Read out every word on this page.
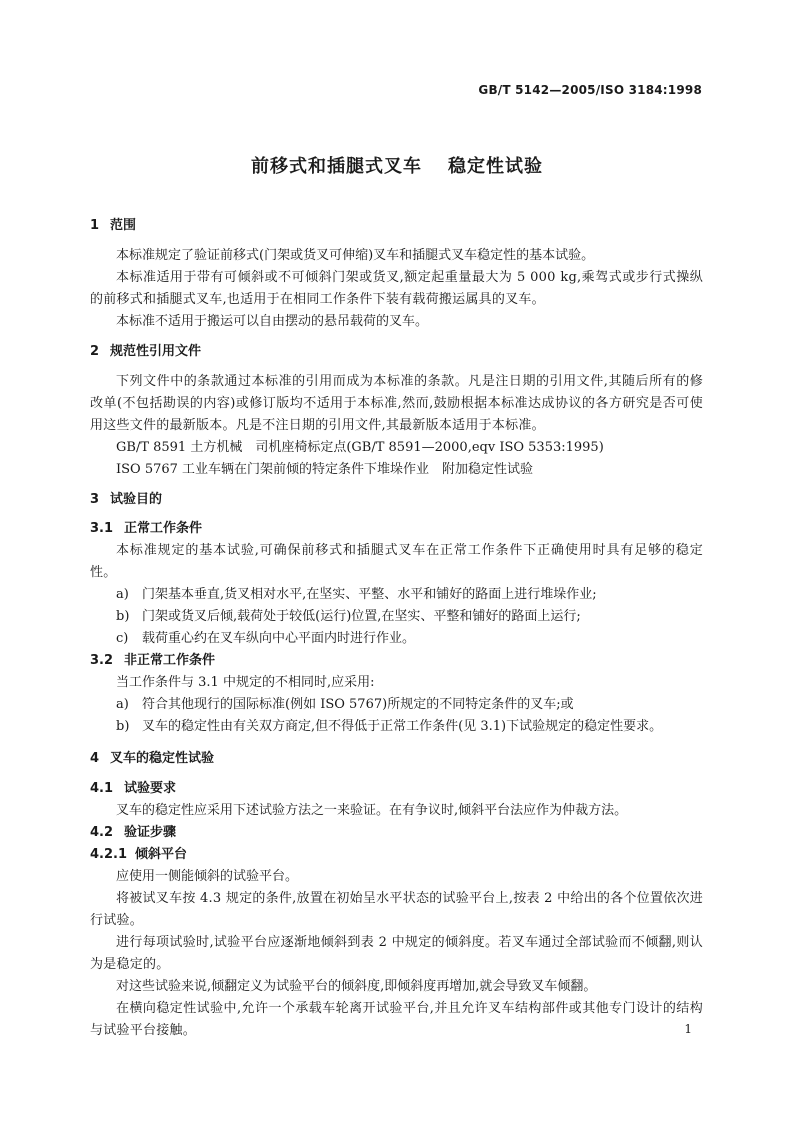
GB/T 5142—2005/ISO 3184:1998
前移式和插腿式叉车 稳定性试验
1 范围
本标准规定了验证前移式(门架或货叉可伸缩)叉车和插腿式叉车稳定性的基本试验。
本标准适用于带有可倾斜或不可倾斜门架或货叉,额定起重量最大为 5 000 kg,乘驾式或步行式操纵的前移式和插腿式叉车,也适用于在相同工作条件下装有载荷搬运属具的叉车。
本标准不适用于搬运可以自由摆动的悬吊载荷的叉车。
2 规范性引用文件
下列文件中的条款通过本标准的引用而成为本标准的条款。凡是注日期的引用文件,其随后所有的修改单(不包括勘误的内容)或修订版均不适用于本标准,然而,鼓励根据本标准达成协议的各方研究是否可使用这些文件的最新版本。凡是不注日期的引用文件,其最新版本适用于本标准。
GB/T 8591 土方机械　司机座椅标定点(GB/T 8591—2000,eqv ISO 5353:1995)
ISO 5767 工业车辆在门架前倾的特定条件下堆垛作业　附加稳定性试验
3 试验目的
3.1 正常工作条件
本标准规定的基本试验,可确保前移式和插腿式叉车在正常工作条件下正确使用时具有足够的稳定性。
a) 门架基本垂直,货叉相对水平,在坚实、平整、水平和铺好的路面上进行堆垛作业;
b) 门架或货叉后倾,载荷处于较低(运行)位置,在坚实、平整和铺好的路面上运行;
c) 载荷重心约在叉车纵向中心平面内时进行作业。
3.2 非正常工作条件
当工作条件与 3.1 中规定的不相同时,应采用:
a) 符合其他现行的国际标准(例如 ISO 5767)所规定的不同特定条件的叉车;或
b) 叉车的稳定性由有关双方商定,但不得低于正常工作条件(见 3.1)下试验规定的稳定性要求。
4 叉车的稳定性试验
4.1 试验要求
叉车的稳定性应采用下述试验方法之一来验证。在有争议时,倾斜平台法应作为仲裁方法。
4.2 验证步骤
4.2.1 倾斜平台
应使用一侧能倾斜的试验平台。
将被试叉车按 4.3 规定的条件,放置在初始呈水平状态的试验平台上,按表 2 中给出的各个位置依次进行试验。
进行每项试验时,试验平台应逐渐地倾斜到表 2 中规定的倾斜度。若叉车通过全部试验而不倾翻,则认为是稳定的。
对这些试验来说,倾翻定义为试验平台的倾斜度,即倾斜度再增加,就会导致叉车倾翻。
在横向稳定性试验中,允许一个承载车轮离开试验平台,并且允许叉车结构部件或其他专门设计的结构与试验平台接触。	1
